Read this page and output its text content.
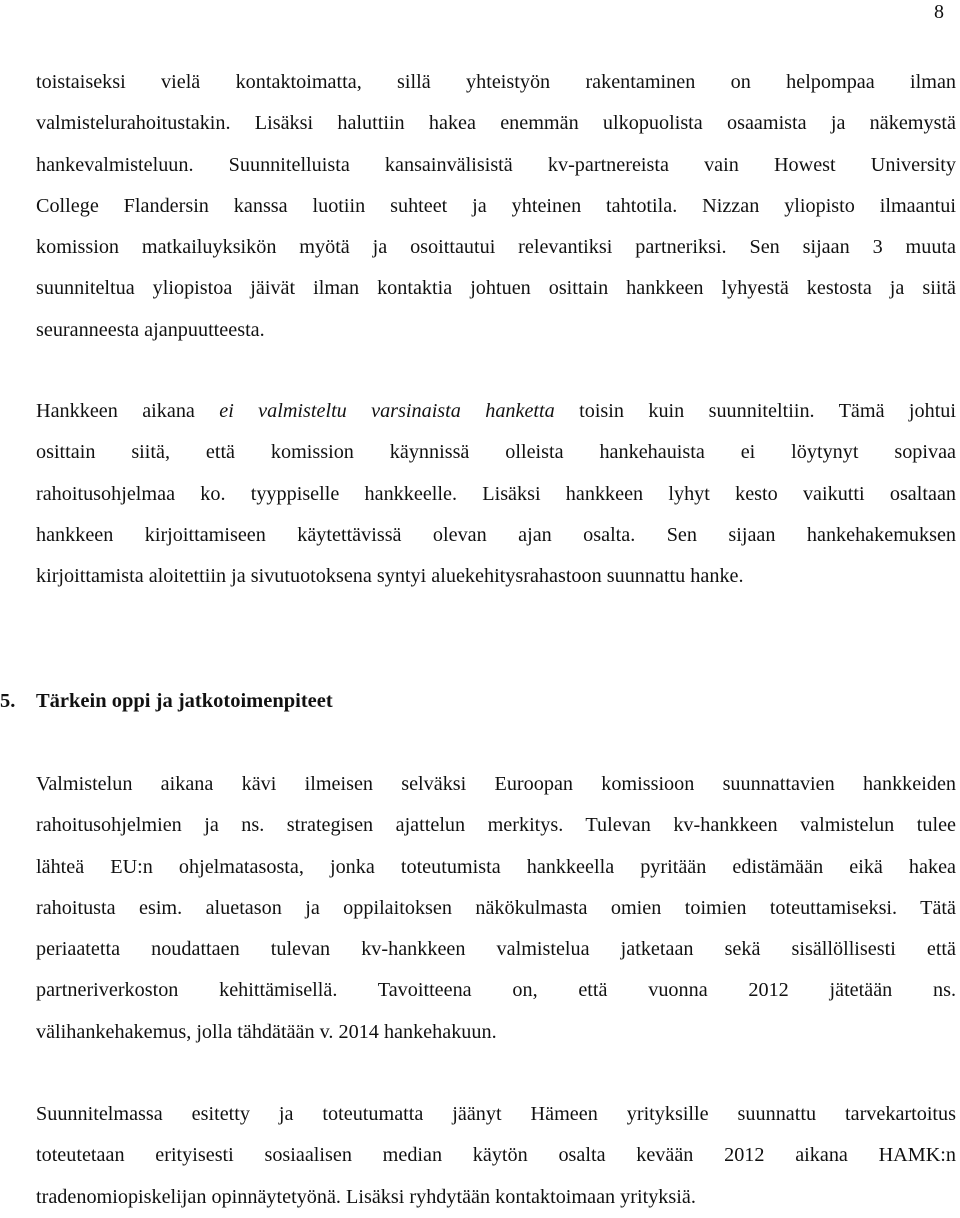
8
toistaiseksi vielä kontaktoimatta, sillä yhteistyön rakentaminen on helpompaa ilman
valmistelurahoitustakin. Lisäksi haluttiin hakea enemmän ulkopuolista osaamista ja näkemystä
hankevalmisteluun. Suunnitelluista kansainvälisistä kv-partnereista vain Howest University
College Flandersin kanssa luotiin suhteet ja yhteinen tahtotila. Nizzan yliopisto ilmaantui
komission matkailuyksikön myötä ja osoittautui relevantiksi partneriksi. Sen sijaan 3 muuta
suunniteltua yliopistoa jäivät ilman kontaktia johtuen osittain hankkeen lyhyestä kestosta ja siitä
seuranneesta ajanpuutteesta.
Hankkeen aikana ei valmisteltu varsinaista hanketta toisin kuin suunniteltiin. Tämä johtui
osittain siitä, että komission käynnissä olleista hankehauista ei löytynyt sopivaa
rahoitusohjelmaa ko. tyyppiselle hankkeelle. Lisäksi hankkeen lyhyt kesto vaikutti osaltaan
hankkeen kirjoittamiseen käytettävissä olevan ajan osalta. Sen sijaan hankehakemuksen
kirjoittamista aloitettiin ja sivutuotoksena syntyi aluekehitysrahastoon suunnattu hanke.
5. Tärkein oppi ja jatkotoimenpiteet
Valmistelun aikana kävi ilmeisen selväksi Euroopan komissioon suunnattavien hankkeiden
rahoitusohjelmien ja ns. strategisen ajattelun merkitys. Tulevan kv-hankkeen valmistelun tulee
lähteä EU:n ohjelmatasosta, jonka toteutumista hankkeella pyritään edistämään eikä hakea
rahoitusta esim. aluetason ja oppilaitoksen näkökulmasta omien toimien toteuttamiseksi. Tätä
periaatetta noudattaen tulevan kv-hankkeen valmistelua jatketaan sekä sisällöllisesti että
partneriverkoston kehittämisellä. Tavoitteena on, että vuonna 2012 jätetään ns.
välihankehakemus, jolla tähdätään v. 2014 hankehakuun.
Suunnitelmassa esitetty ja toteutumatta jäänyt Hämeen yrityksille suunnattu tarvekartoitus
toteutetaan erityisesti sosiaalisen median käytön osalta kevään 2012 aikana HAMK:n
tradenomiopiskelijan opinnäytetyönä. Lisäksi ryhdytään kontaktoimaan yrityksiä.
